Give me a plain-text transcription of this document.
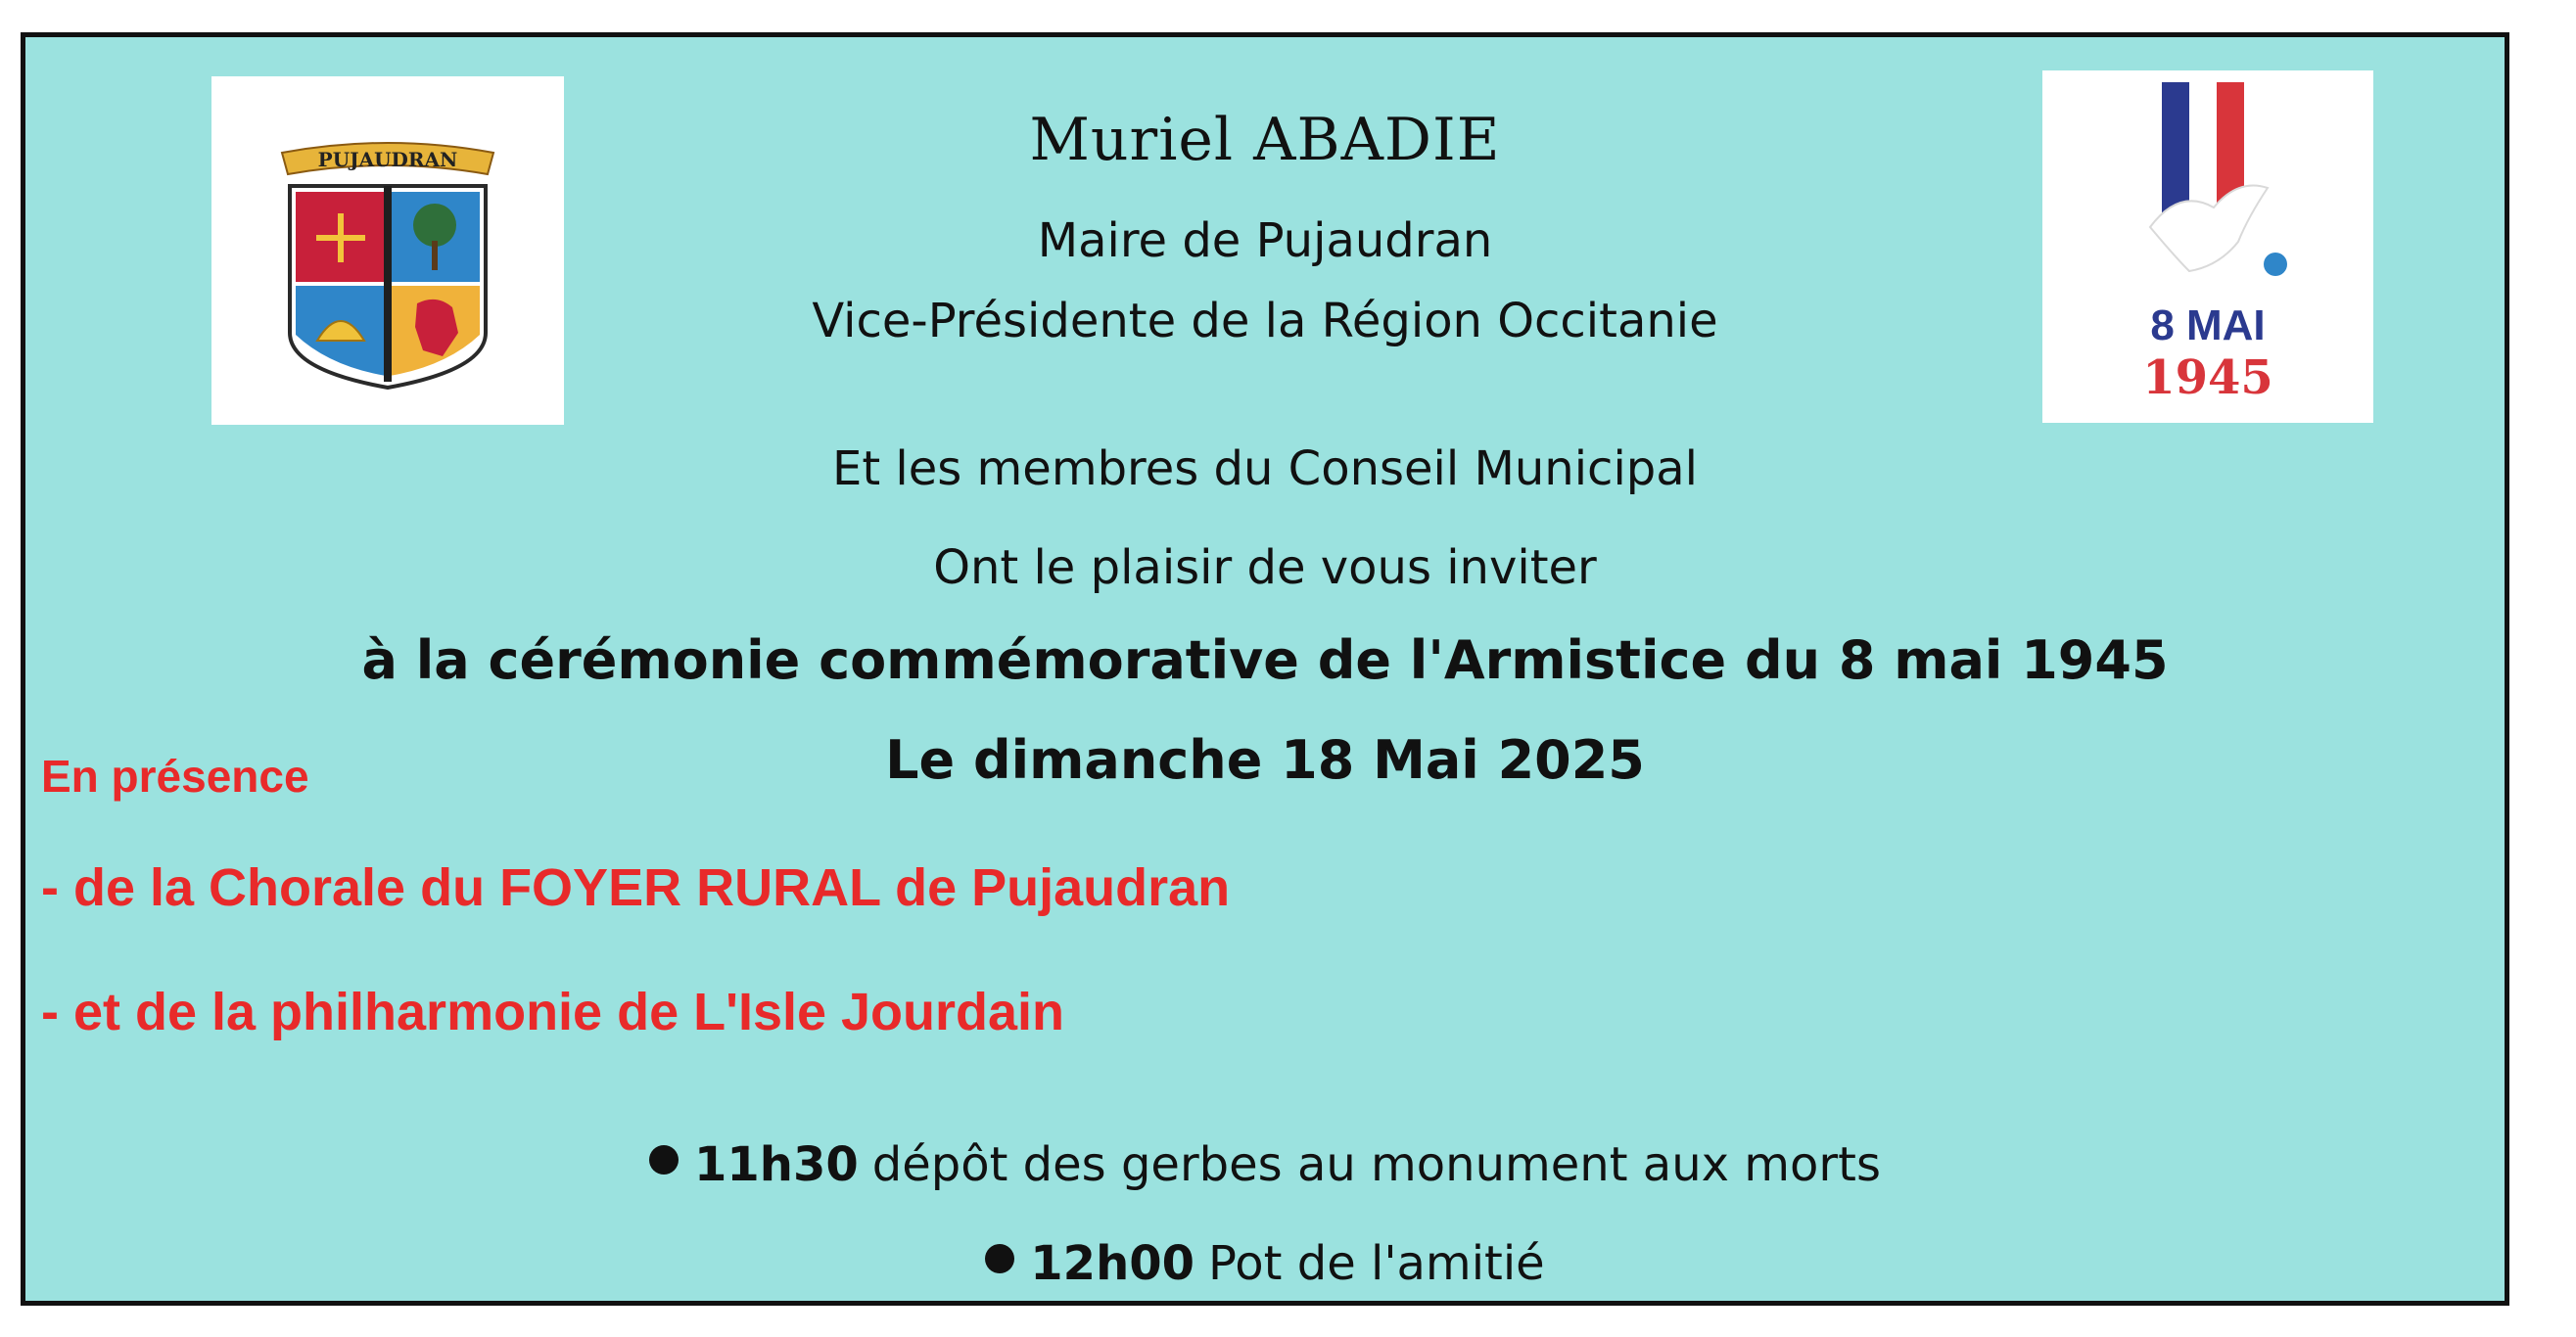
PUJAUDRAN
8 MAI
1945
Muriel ABADIE
Maire de Pujaudran
Vice-Présidente de la Région Occitanie
Et les membres du Conseil Municipal
Ont le plaisir de vous inviter
à la cérémonie commémorative de l'Armistice du 8 mai 1945
Le dimanche 18 Mai 2025
En présence
- de la Chorale du FOYER RURAL de Pujaudran
- et de la philharmonie de L'Isle Jourdain
11h30 dépôt des gerbes au monument aux morts
12h00 Pot de l'amitié
